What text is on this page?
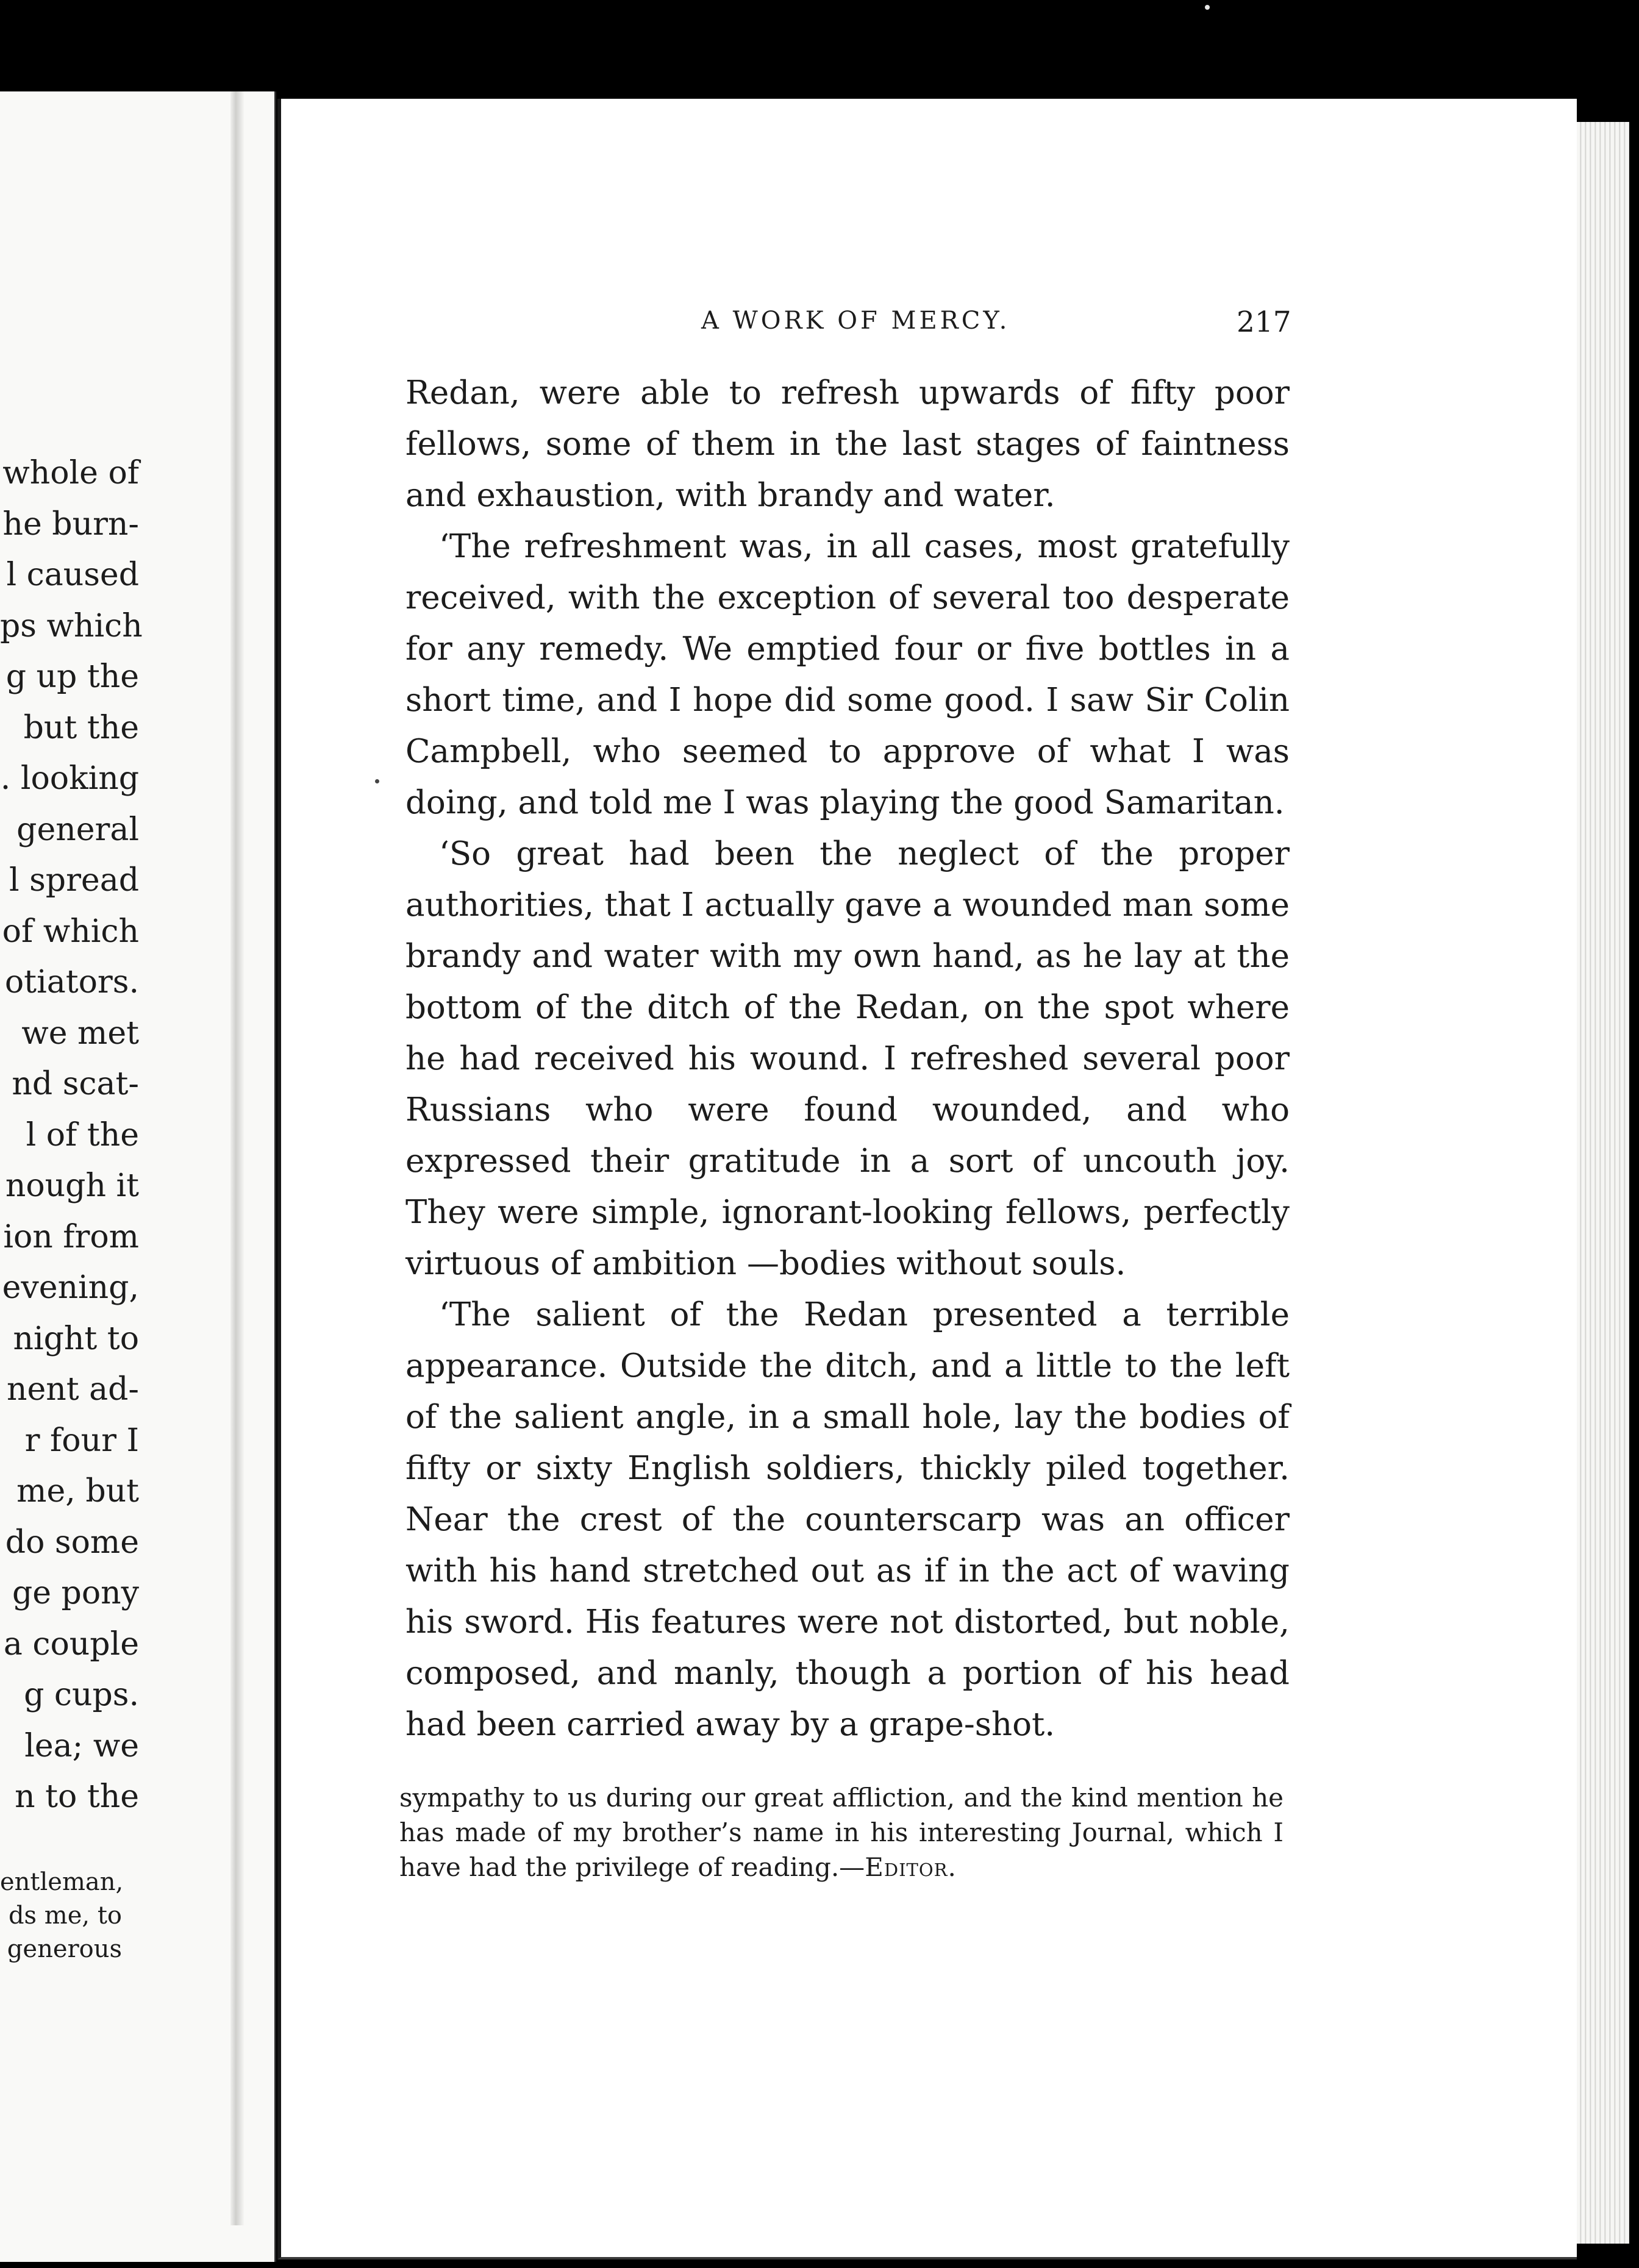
whole of
he burn-
l caused
ps which
g up the
but the
. looking
general
l spread
of which
otiators.
we met
nd scat-
l of the
nough it
ion from
evening,
night to
nent ad-
r four I
me, but
do some
ge pony
a couple
g cups.
lea; we
n to the
entleman,
ds me, to
generous
A WORK OF MERCY.	217

Redan, were able to refresh upwards of fifty poor fellows, some of them in the last stages of faintness and exhaustion, with brandy and water.

‘The refreshment was, in all cases, most gratefully received, with the exception of several too desperate for any remedy. We emptied four or five bottles in a short time, and I hope did some good. I saw Sir Colin Campbell, who seemed to approve of what I was doing, and told me I was playing the good Samaritan.

‘So great had been the neglect of the proper authorities, that I actually gave a wounded man some brandy and water with my own hand, as he lay at the bottom of the ditch of the Redan, on the spot where he had received his wound. I refreshed several poor Russians who were found wounded, and who expressed their gratitude in a sort of uncouth joy. They were simple, ignorant-looking fellows, perfectly virtuous of ambition —bodies without souls.

‘The salient of the Redan presented a terrible appearance. Outside the ditch, and a little to the left of the salient angle, in a small hole, lay the bodies of fifty or sixty English soldiers, thickly piled together. Near the crest of the counterscarp was an officer with his hand stretched out as if in the act of waving his sword. His features were not distorted, but noble, composed, and manly, though a portion of his head had been carried away by a grape-shot.

sympathy to us during our great affliction, and the kind mention he has made of my brother’s name in his interesting Journal, which I have had the privilege of reading.—Editor.
